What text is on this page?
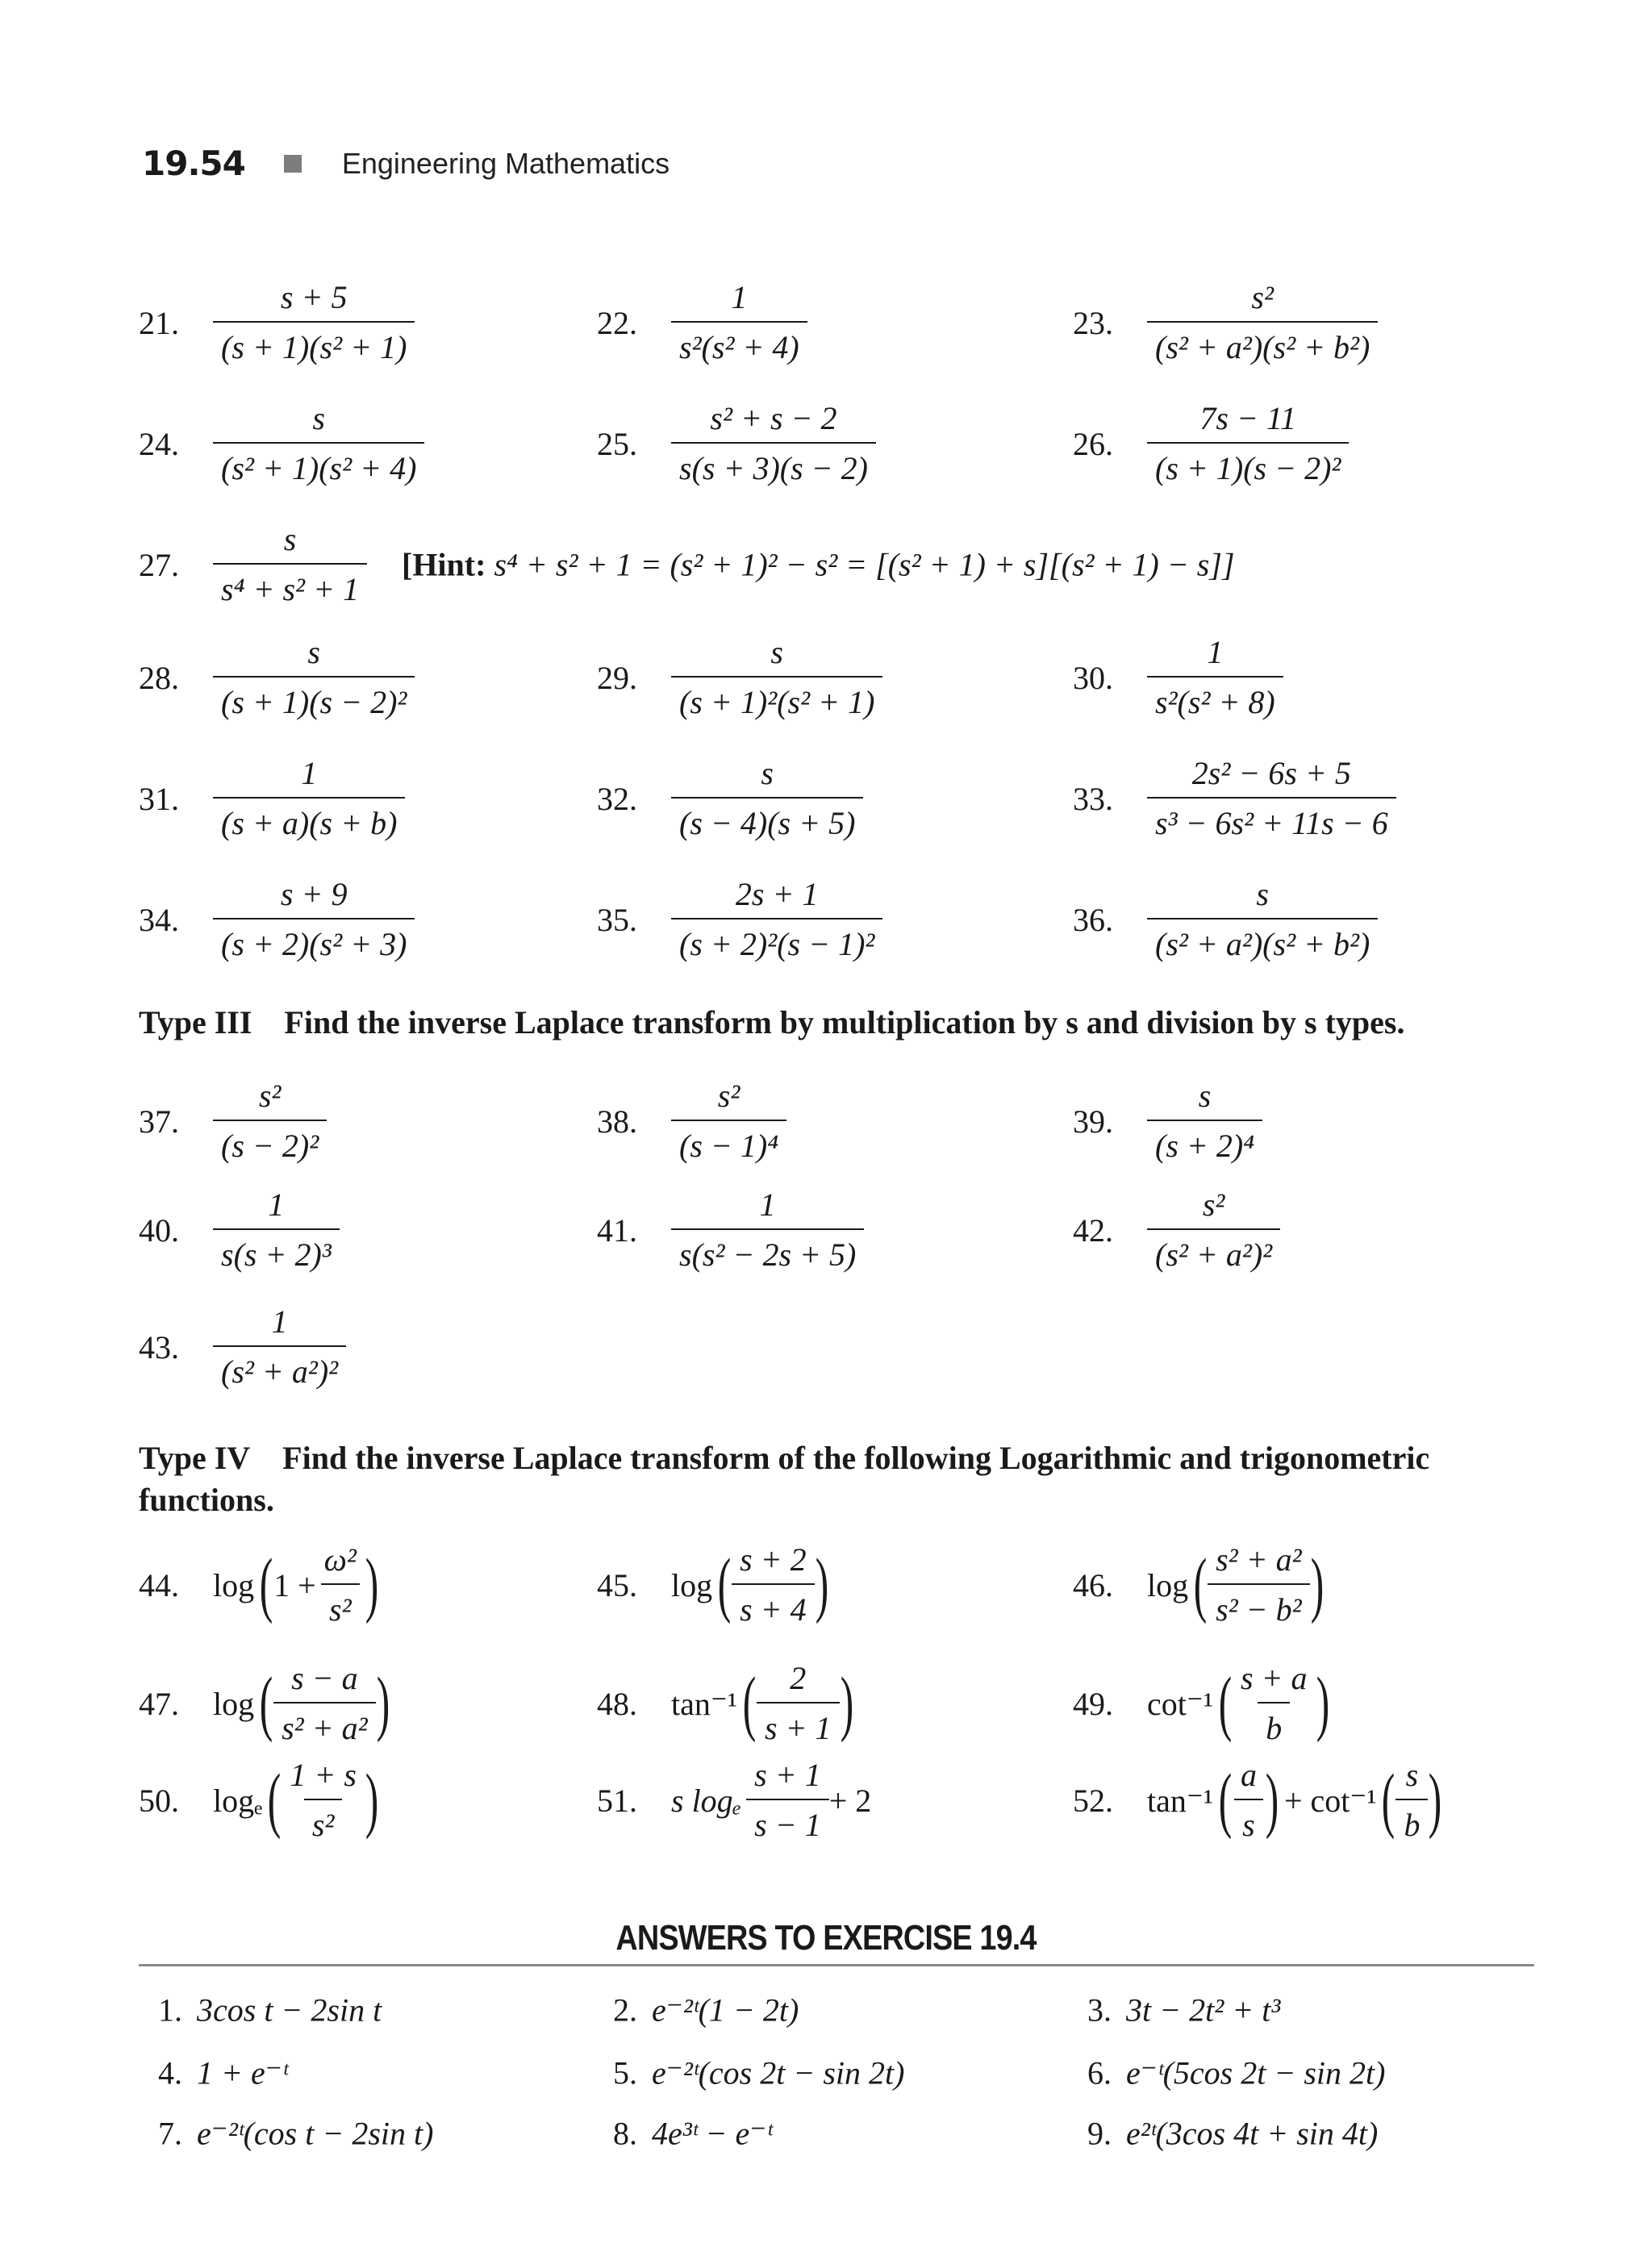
19.54	Engineering Mathematics
21.	$\frac{s + 5}{\text{(s + 1)(s² + 1)}}$	22.	$\frac{1}{\text{s²(s² + 4)}}$	23.	$\frac{\text{s²}}{\text{(s² + a²)(s² + b²)}}$
24.	$\frac{s}{\text{(s² + 1)(s² + 4)}}$	25.	$\frac{\text{s² + s − 2}}{s(s + 3)(s - 2)}$	26.	$\frac{7s - 11}{\text{(s + 1)(s − 2)²}}$
27.	$\frac{s}{\text{s⁴ + s² + 1}}$ [Hint: s⁴ + s² + 1 = (s² + 1)² − s² = [(s² + 1) + s][(s² + 1) − s]]
28.	$\frac{s}{\text{(s + 1)(s − 2)²}}$	29.	$\frac{s}{\text{(s + 1)²(s² + 1)}}$	30.	$\frac{1}{\text{s²(s² + 8)}}$
31.	$\frac{1}{(s + a)(s + b)}$	32.	$\frac{s}{(s - 4)(s + 5)}$	33.	$\frac{\text{2s² − 6s + 5}}{\text{s³ − 6s² + 11s − 6}}$
34.	$\frac{s + 9}{\text{(s + 2)(s² + 3)}}$	35.	$\frac{2s + 1}{\text{(s + 2)²(s − 1)²}}$	36.	$\frac{s}{\text{(s² + a²)(s² + b²)}}$
Type III Find the inverse Laplace transform by multiplication by s and division by s types.
37.	$\frac{\text{s²}}{\text{(s − 2)²}}$	38.	$\frac{\text{s²}}{\text{(s − 1)⁴}}$	39.	$\frac{s}{\text{(s + 2)⁴}}$
40.	$\frac{1}{\text{s(s + 2)³}}$	41.	$\frac{1}{\text{s(s² − 2s + 5)}}$	42.	$\frac{\text{s²}}{\text{(s² + a²)²}}$
43.	$\frac{1}{\text{(s² + a²)²}}$
Type IV Find the inverse Laplace transform of the following Logarithmic and trigonometric functions.
44.	log ( $1 + \frac{\text{ω²}}{\text{s²}}$ )	45.	log ( $\frac{s + 2}{s + 4}$ )	46.	log ( $\frac{\text{s² + a²}}{\text{s² − b²}}$ )
47.	log ( $\frac{s - a}{\text{s² + a²}}$ )	48.	tan⁻¹ ( $\frac{2}{s + 1}$ )	49.	cot⁻¹ ( $\frac{s + a}{b}$ )
50.	logₑ ( $\frac{1 + s}{\text{s²}}$ )	51.	s logₑ $\frac{s + 1}{s - 1} + 2$	52.	tan⁻¹ ( $\frac{a}{s}$ ) + cot⁻¹ ( $\frac{s}{b}$ )
ANSWERS TO EXERCISE 19.4
1. 3cos t − 2sin t	2. e⁻²ᵗ(1 − 2t)	3. 3t − 2t² + t³
4. 1 + e⁻ᵗ	5. e⁻²ᵗ(cos 2t − sin 2t)	6. e⁻ᵗ(5cos 2t − sin 2t)
7. e⁻²ᵗ(cos t − 2sin t)	8. 4e³ᵗ − e⁻ᵗ	9. e²ᵗ(3cos 4t + sin 4t)
